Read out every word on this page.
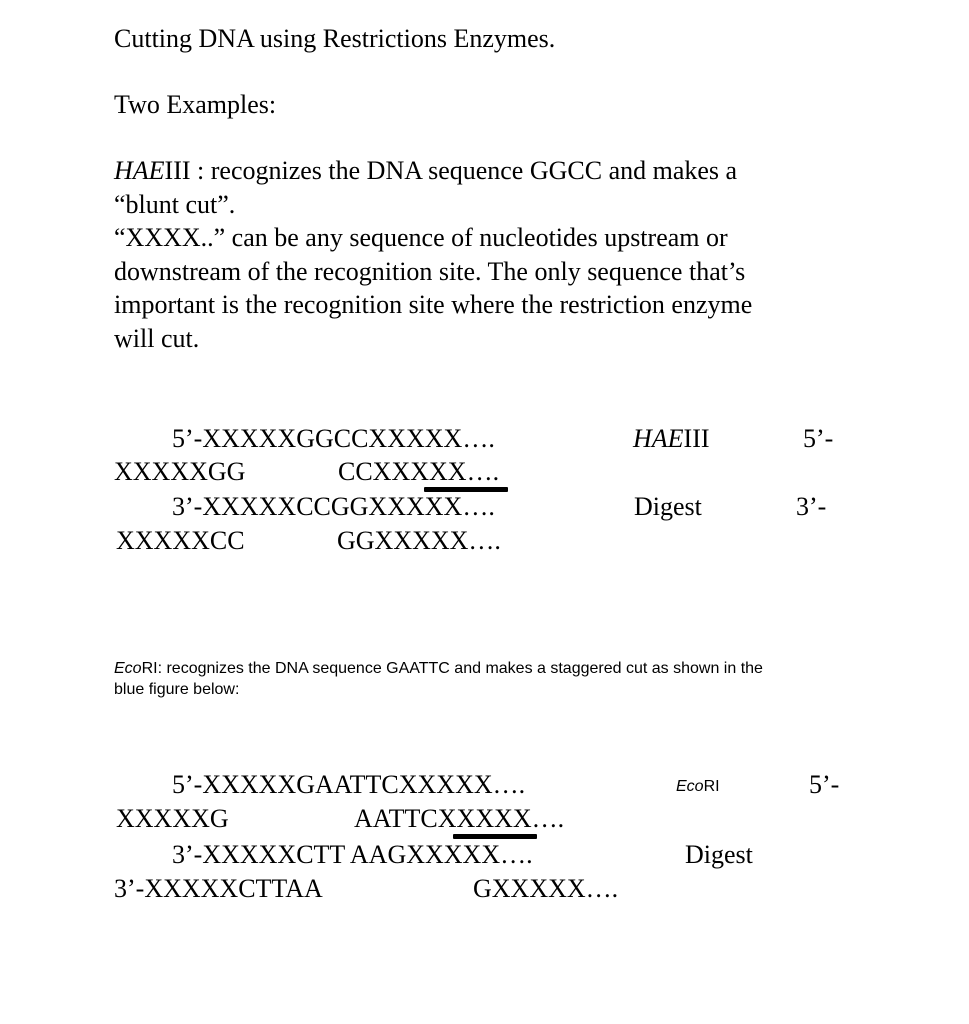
Cutting DNA using Restrictions Enzymes.
Two Examples:
HAEIII : recognizes the DNA sequence GGCC and makes a
“blunt cut”.
“XXXX..” can be any sequence of nucleotides upstream or
downstream of the recognition site. The only sequence that’s
important is the recognition site where the restriction enzyme
will cut.
5’-XXXXXGGCCXXXXX….	HAEIII	5’-
XXXXXGG	CCXXXXX….
3’-XXXXXCCGGXXXXX….	Digest	3’-
XXXXXCC	GGXXXXX….
EcoRI: recognizes the DNA sequence GAATTC and makes a staggered cut as shown in the
blue figure below:
5’-XXXXXGAATTCXXXXX….	EcoRI	5’-
XXXXXG	AATTCXXXXX….
3’-XXXXXCTT AAGXXXXX….	Digest
3’-XXXXXCTTAA	GXXXXX….
